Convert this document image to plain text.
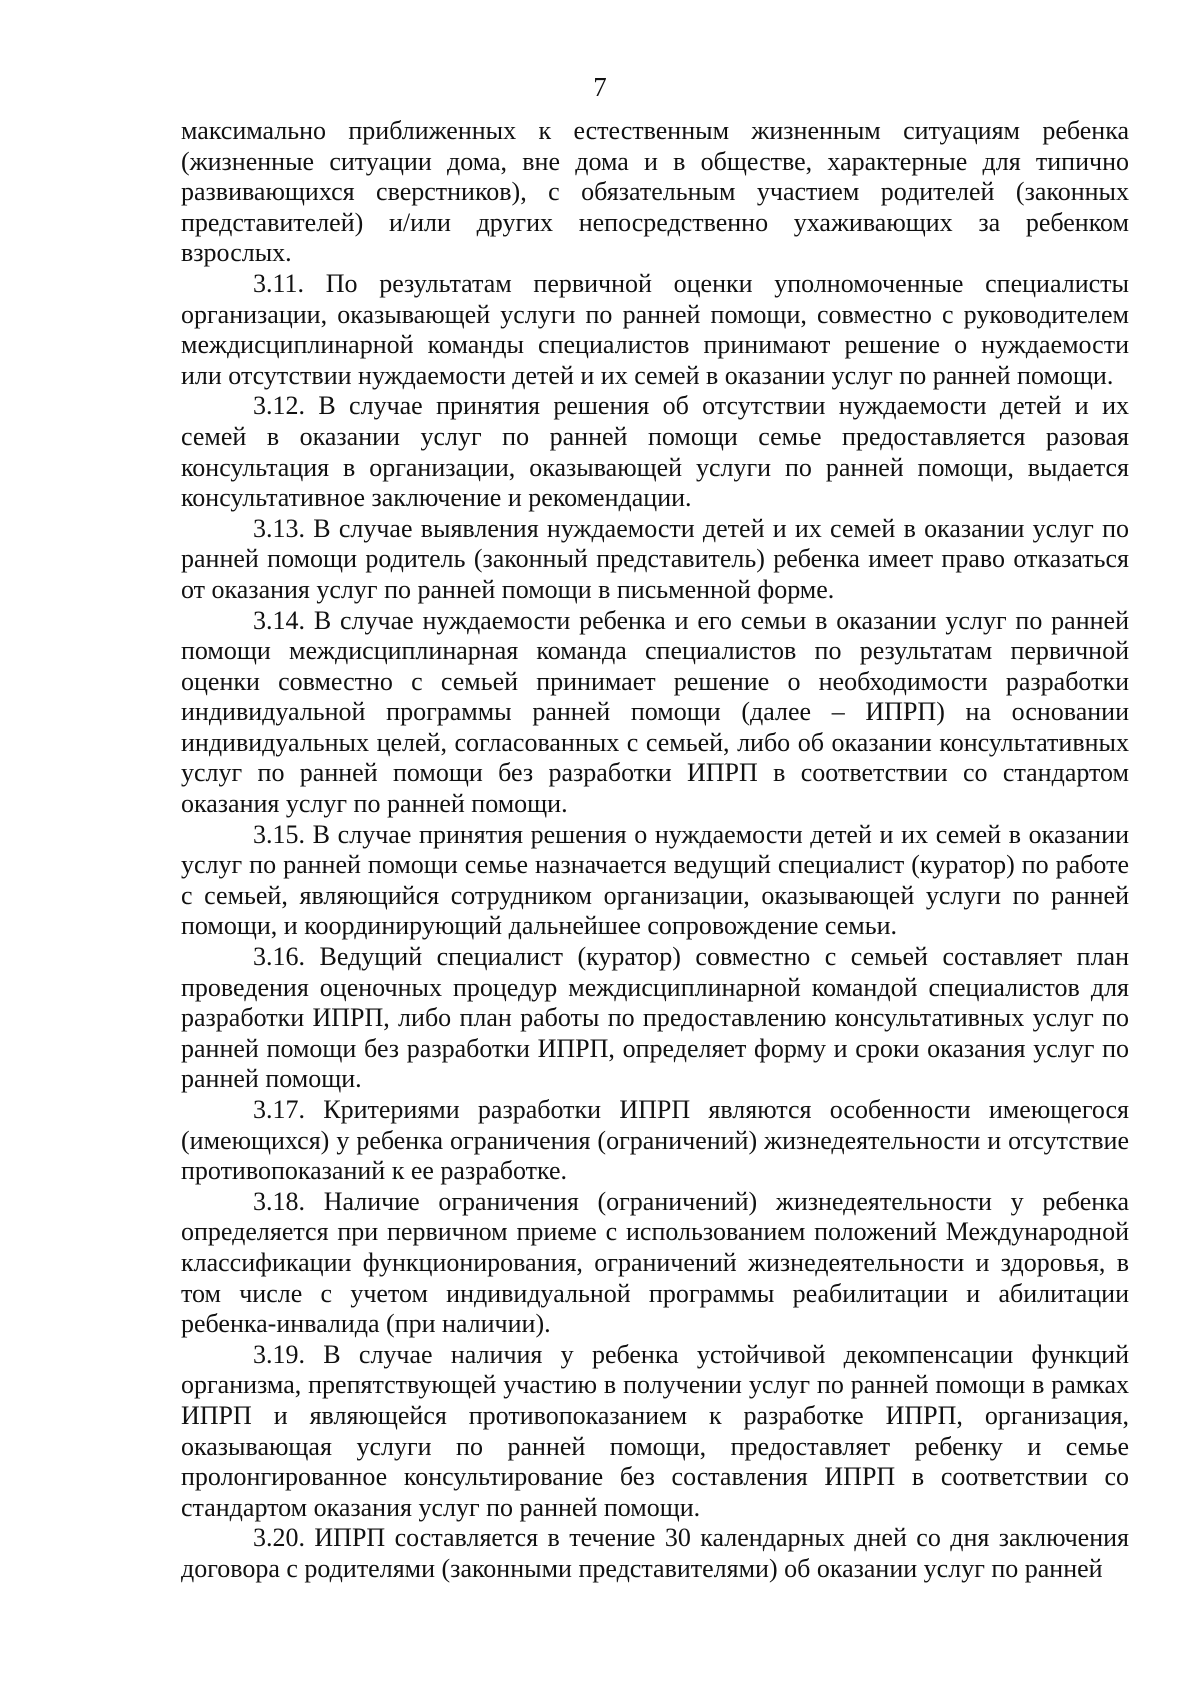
7

максимально приближенных к естественным жизненным ситуациям ребенка (жизненные ситуации дома, вне дома и в обществе, характерные для типично развивающихся сверстников), с обязательным участием родителей (законных представителей) и/или других непосредственно ухаживающих за ребенком взрослых.

3.11. По результатам первичной оценки уполномоченные специалисты организации, оказывающей услуги по ранней помощи, совместно с руководителем междисциплинарной команды специалистов принимают решение о нуждаемости или отсутствии нуждаемости детей и их семей в оказании услуг по ранней помощи.

3.12. В случае принятия решения об отсутствии нуждаемости детей и их семей в оказании услуг по ранней помощи семье предоставляется разовая консультация в организации, оказывающей услуги по ранней помощи, выдается консультативное заключение и рекомендации.

3.13. В случае выявления нуждаемости детей и их семей в оказании услуг по ранней помощи родитель (законный представитель) ребенка имеет право отказаться от оказания услуг по ранней помощи в письменной форме.

3.14. В случае нуждаемости ребенка и его семьи в оказании услуг по ранней помощи междисциплинарная команда специалистов по результатам первичной оценки совместно с семьей принимает решение о необходимости разработки индивидуальной программы ранней помощи (далее – ИПРП) на основании индивидуальных целей, согласованных с семьей, либо об оказании консультативных услуг по ранней помощи без разработки ИПРП в соответствии со стандартом оказания услуг по ранней помощи.

3.15. В случае принятия решения о нуждаемости детей и их семей в оказании услуг по ранней помощи семье назначается ведущий специалист (куратор) по работе с семьей, являющийся сотрудником организации, оказывающей услуги по ранней помощи, и координирующий дальнейшее сопровождение семьи.

3.16. Ведущий специалист (куратор) совместно с семьей составляет план проведения оценочных процедур междисциплинарной командой специалистов для разработки ИПРП, либо план работы по предоставлению консультативных услуг по ранней помощи без разработки ИПРП, определяет форму и сроки оказания услуг по ранней помощи.

3.17. Критериями разработки ИПРП являются особенности имеющегося (имеющихся) у ребенка ограничения (ограничений) жизнедеятельности и отсутствие противопоказаний к ее разработке.

3.18. Наличие ограничения (ограничений) жизнедеятельности у ребенка определяется при первичном приеме с использованием положений Международной классификации функционирования, ограничений жизнедеятельности и здоровья, в том числе с учетом индивидуальной программы реабилитации и абилитации ребенка-инвалида (при наличии).

3.19. В случае наличия у ребенка устойчивой декомпенсации функций организма, препятствующей участию в получении услуг по ранней помощи в рамках ИПРП и являющейся противопоказанием к разработке ИПРП, организация, оказывающая услуги по ранней помощи, предоставляет ребенку и семье пролонгированное консультирование без составления ИПРП в соответствии со стандартом оказания услуг по ранней помощи.

3.20. ИПРП составляется в течение 30 календарных дней со дня заключения договора с родителями (законными представителями) об оказании услуг по ранней
